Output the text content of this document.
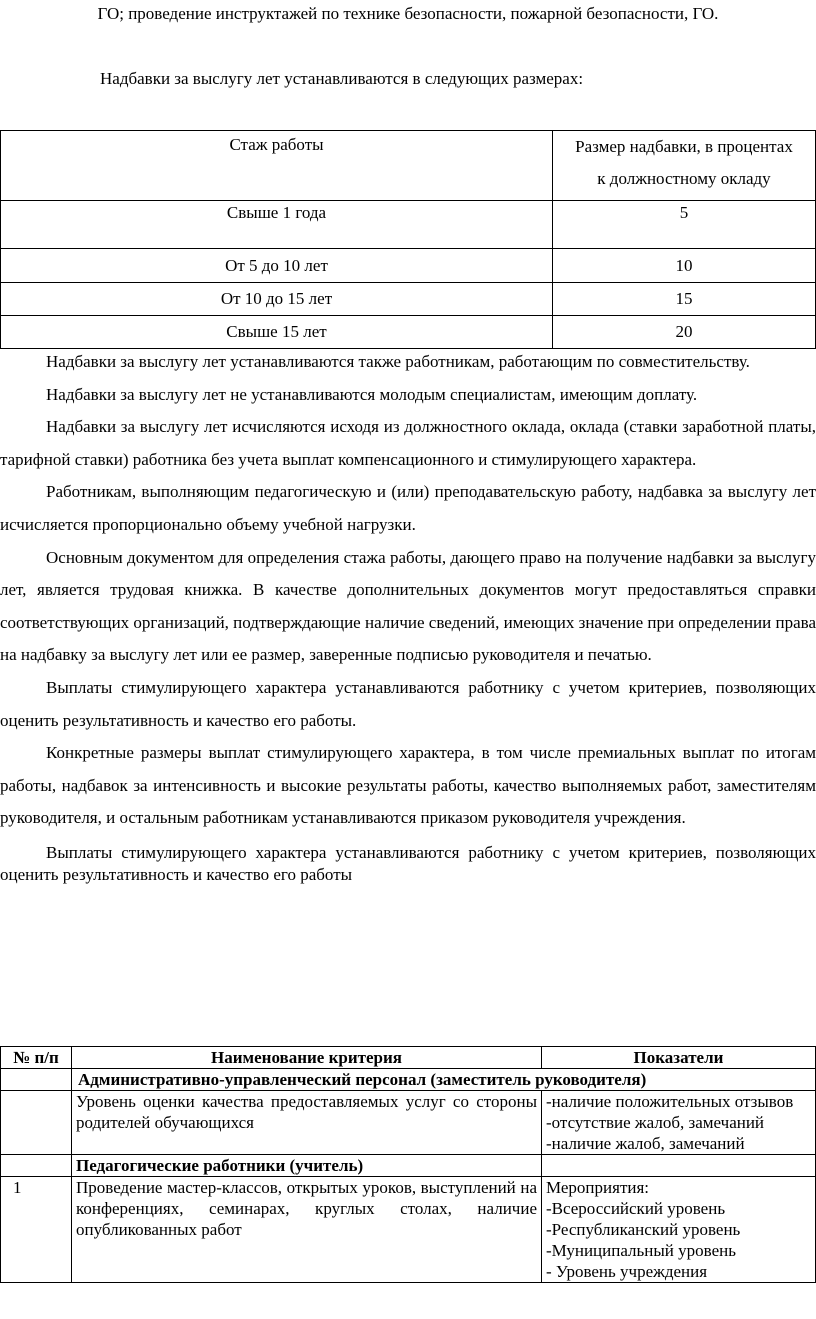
ГО; проведение инструктажей по технике безопасности, пожарной безопасности, ГО.
Надбавки за выслугу лет устанавливаются в следующих размерах:
Стаж работы	Размер надбавки, в процентах
к должностному окладу

Свыше 1 года	5
От 5 до 10 лет	10
От 10 до 15 лет	15
Свыше 15 лет	20

Надбавки за выслугу лет устанавливаются также работникам, работающим по совместительству.

Надбавки за выслугу лет не устанавливаются молодым специалистам, имеющим доплату.

Надбавки за выслугу лет исчисляются исходя из должностного оклада, оклада (ставки заработной платы, тарифной ставки) работника без учета выплат компенсационного и стимулирующего характера.

Работникам, выполняющим педагогическую и (или) преподавательскую работу, надбавка за выслугу лет исчисляется пропорционально объему учебной нагрузки.

Основным документом для определения стажа работы, дающего право на получение надбавки за выслугу лет, является трудовая книжка. В качестве дополнительных документов могут предоставляться справки соответствующих организаций, подтверждающие наличие сведений, имеющих значение при определении права на надбавку за выслугу лет или ее размер, заверенные подписью руководителя и печатью.

Выплаты стимулирующего характера устанавливаются работнику с учетом критериев, позволяющих оценить результативность и качество его работы.

Конкретные размеры выплат стимулирующего характера, в том числе премиальных выплат по итогам работы, надбавок за интенсивность и высокие результаты работы, качество выполняемых работ, заместителям руководителя, и остальным работникам устанавливаются приказом руководителя учреждения.

Выплаты стимулирующего характера устанавливаются работнику с учетом критериев, позволяющих оценить результативность и качество его работы

№ п/п	Наименование критерия	Показатели
	Административно-управленческий персонал (заместитель руководителя)	
	Уровень оценки качества предоставляемых услуг со стороны родителей обучающихся	-наличие положительных отзывов
-отсутствие жалоб, замечаний
-наличие жалоб, замечаний

	Педагогические работники (учитель)	
1	Проведение мастер-классов, открытых уроков, выступлений на конференциях, семинарах, круглых столах, наличие опубликованных работ	Мероприятия:
-Всероссийский уровень
-Республиканский уровень
-Муниципальный уровень
- Уровень учреждения
